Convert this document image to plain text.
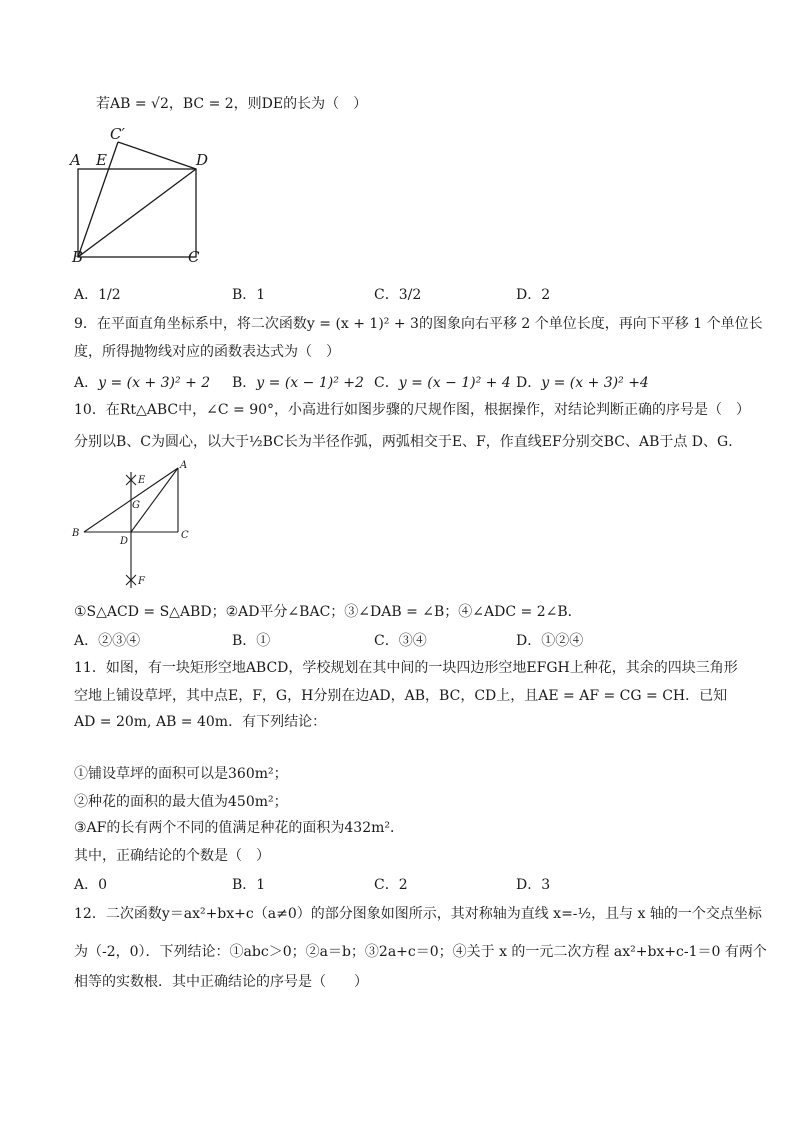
若AB = √2，BC = 2，则DE的长为（　）
A E	D
C′
B	C
A．1/2	B．1	C．3/2	D．2
9．在平面直角坐标系中，将二次函数y = (x + 1)² + 3的图象向右平移 2 个单位长度，再向下平移 1 个单位长
度，所得抛物线对应的函数表达式为（　）
A．y = (x + 3)² + 2 B．y = (x − 1)² +2 C．y = (x − 1)² + 4 D．y = (x + 3)² +4
10．在Rt△ABC中，∠C = 90°，小高进行如图步骤的尺规作图，根据操作，对结论判断正确的序号是（　）
分别以B、C为圆心，以大于½BC长为半径作弧，两弧相交于E、F，作直线EF分别交BC、AB于点 D、G．
A
B	C
D
E
F
G
①S△ACD = S△ABD；②AD平分∠BAC；③∠DAB = ∠B；④∠ADC = 2∠B．
A．②③④	B．①	C．③④	D．①②④
11．如图，有一块矩形空地ABCD，学校规划在其中间的一块四边形空地EFGH上种花，其余的四块三角形
空地上铺设草坪，其中点E，F，G，H分别在边AD，AB，BC，CD上，且AE = AF = CG = CH．已知
AD = 20m, AB = 40m．有下列结论：
①铺设草坪的面积可以是360m²；
②种花的面积的最大值为450m²；
③AF的长有两个不同的值满足种花的面积为432m²．
其中，正确结论的个数是（　）
A．0	B．1	C．2	D．3
12．二次函数y＝ax²+bx+c（a≠0）的部分图象如图所示，其对称轴为直线 x=-½，且与 x 轴的一个交点坐标
为（-2，0）．下列结论：①abc＞0；②a＝b；③2a+c＝0；④关于 x 的一元二次方程 ax²+bx+c-1＝0 有两个
相等的实数根．其中正确结论的序号是（　　）
